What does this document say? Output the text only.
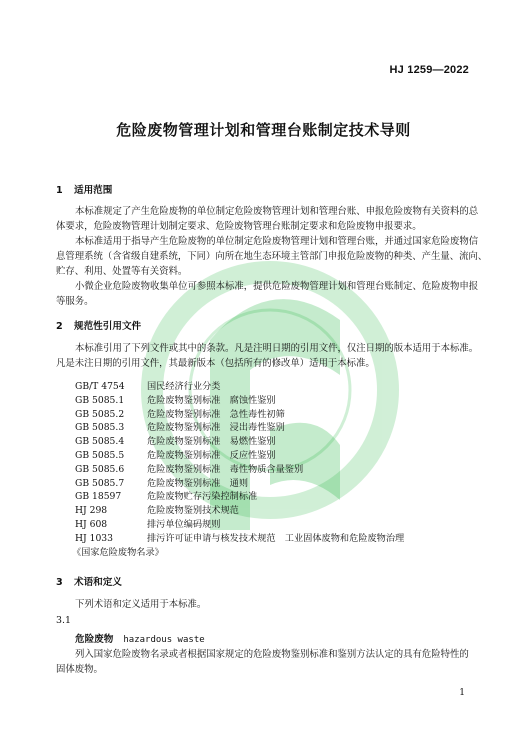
HJ 1259—2022
危险废物管理计划和管理台账制定技术导则
1 适用范围
本标准规定了产生危险废物的单位制定危险废物管理计划和管理台账、申报危险废物有关资料的总
体要求，危险废物管理计划制定要求、危险废物管理台账制定要求和危险废物申报要求。
本标准适用于指导产生危险废物的单位制定危险废物管理计划和管理台账，并通过国家危险废物信
息管理系统（含省级自建系统，下同）向所在地生态环境主管部门申报危险废物的种类、产生量、流向、
贮存、利用、处置等有关资料。
小微企业危险废物收集单位可参照本标准，提供危险废物管理计划和管理台账制定、危险废物申报
等服务。
2 规范性引用文件
本标准引用了下列文件或其中的条款。凡是注明日期的引用文件，仅注日期的版本适用于本标准。
凡是未注日期的引用文件，其最新版本（包括所有的修改单）适用于本标准。
GB/T 4754 国民经济行业分类
GB 5085.1 危险废物鉴别标准　腐蚀性鉴别
GB 5085.2 危险废物鉴别标准　急性毒性初筛
GB 5085.3 危险废物鉴别标准　浸出毒性鉴别
GB 5085.4 危险废物鉴别标准　易燃性鉴别
GB 5085.5 危险废物鉴别标准　反应性鉴别
GB 5085.6 危险废物鉴别标准　毒性物质含量鉴别
GB 5085.7 危险废物鉴别标准　通则
GB 18597	危险废物贮存污染控制标准
HJ 298	危险废物鉴别技术规范
HJ 608	排污单位编码规则
HJ 1033	排污许可证申请与核发技术规范　工业固体废物和危险废物治理
《国家危险废物名录》
3 术语和定义
下列术语和定义适用于本标准。
3.1
危险废物 hazardous waste
列入国家危险废物名录或者根据国家规定的危险废物鉴别标准和鉴别方法认定的具有危险特性的
固体废物。
1
